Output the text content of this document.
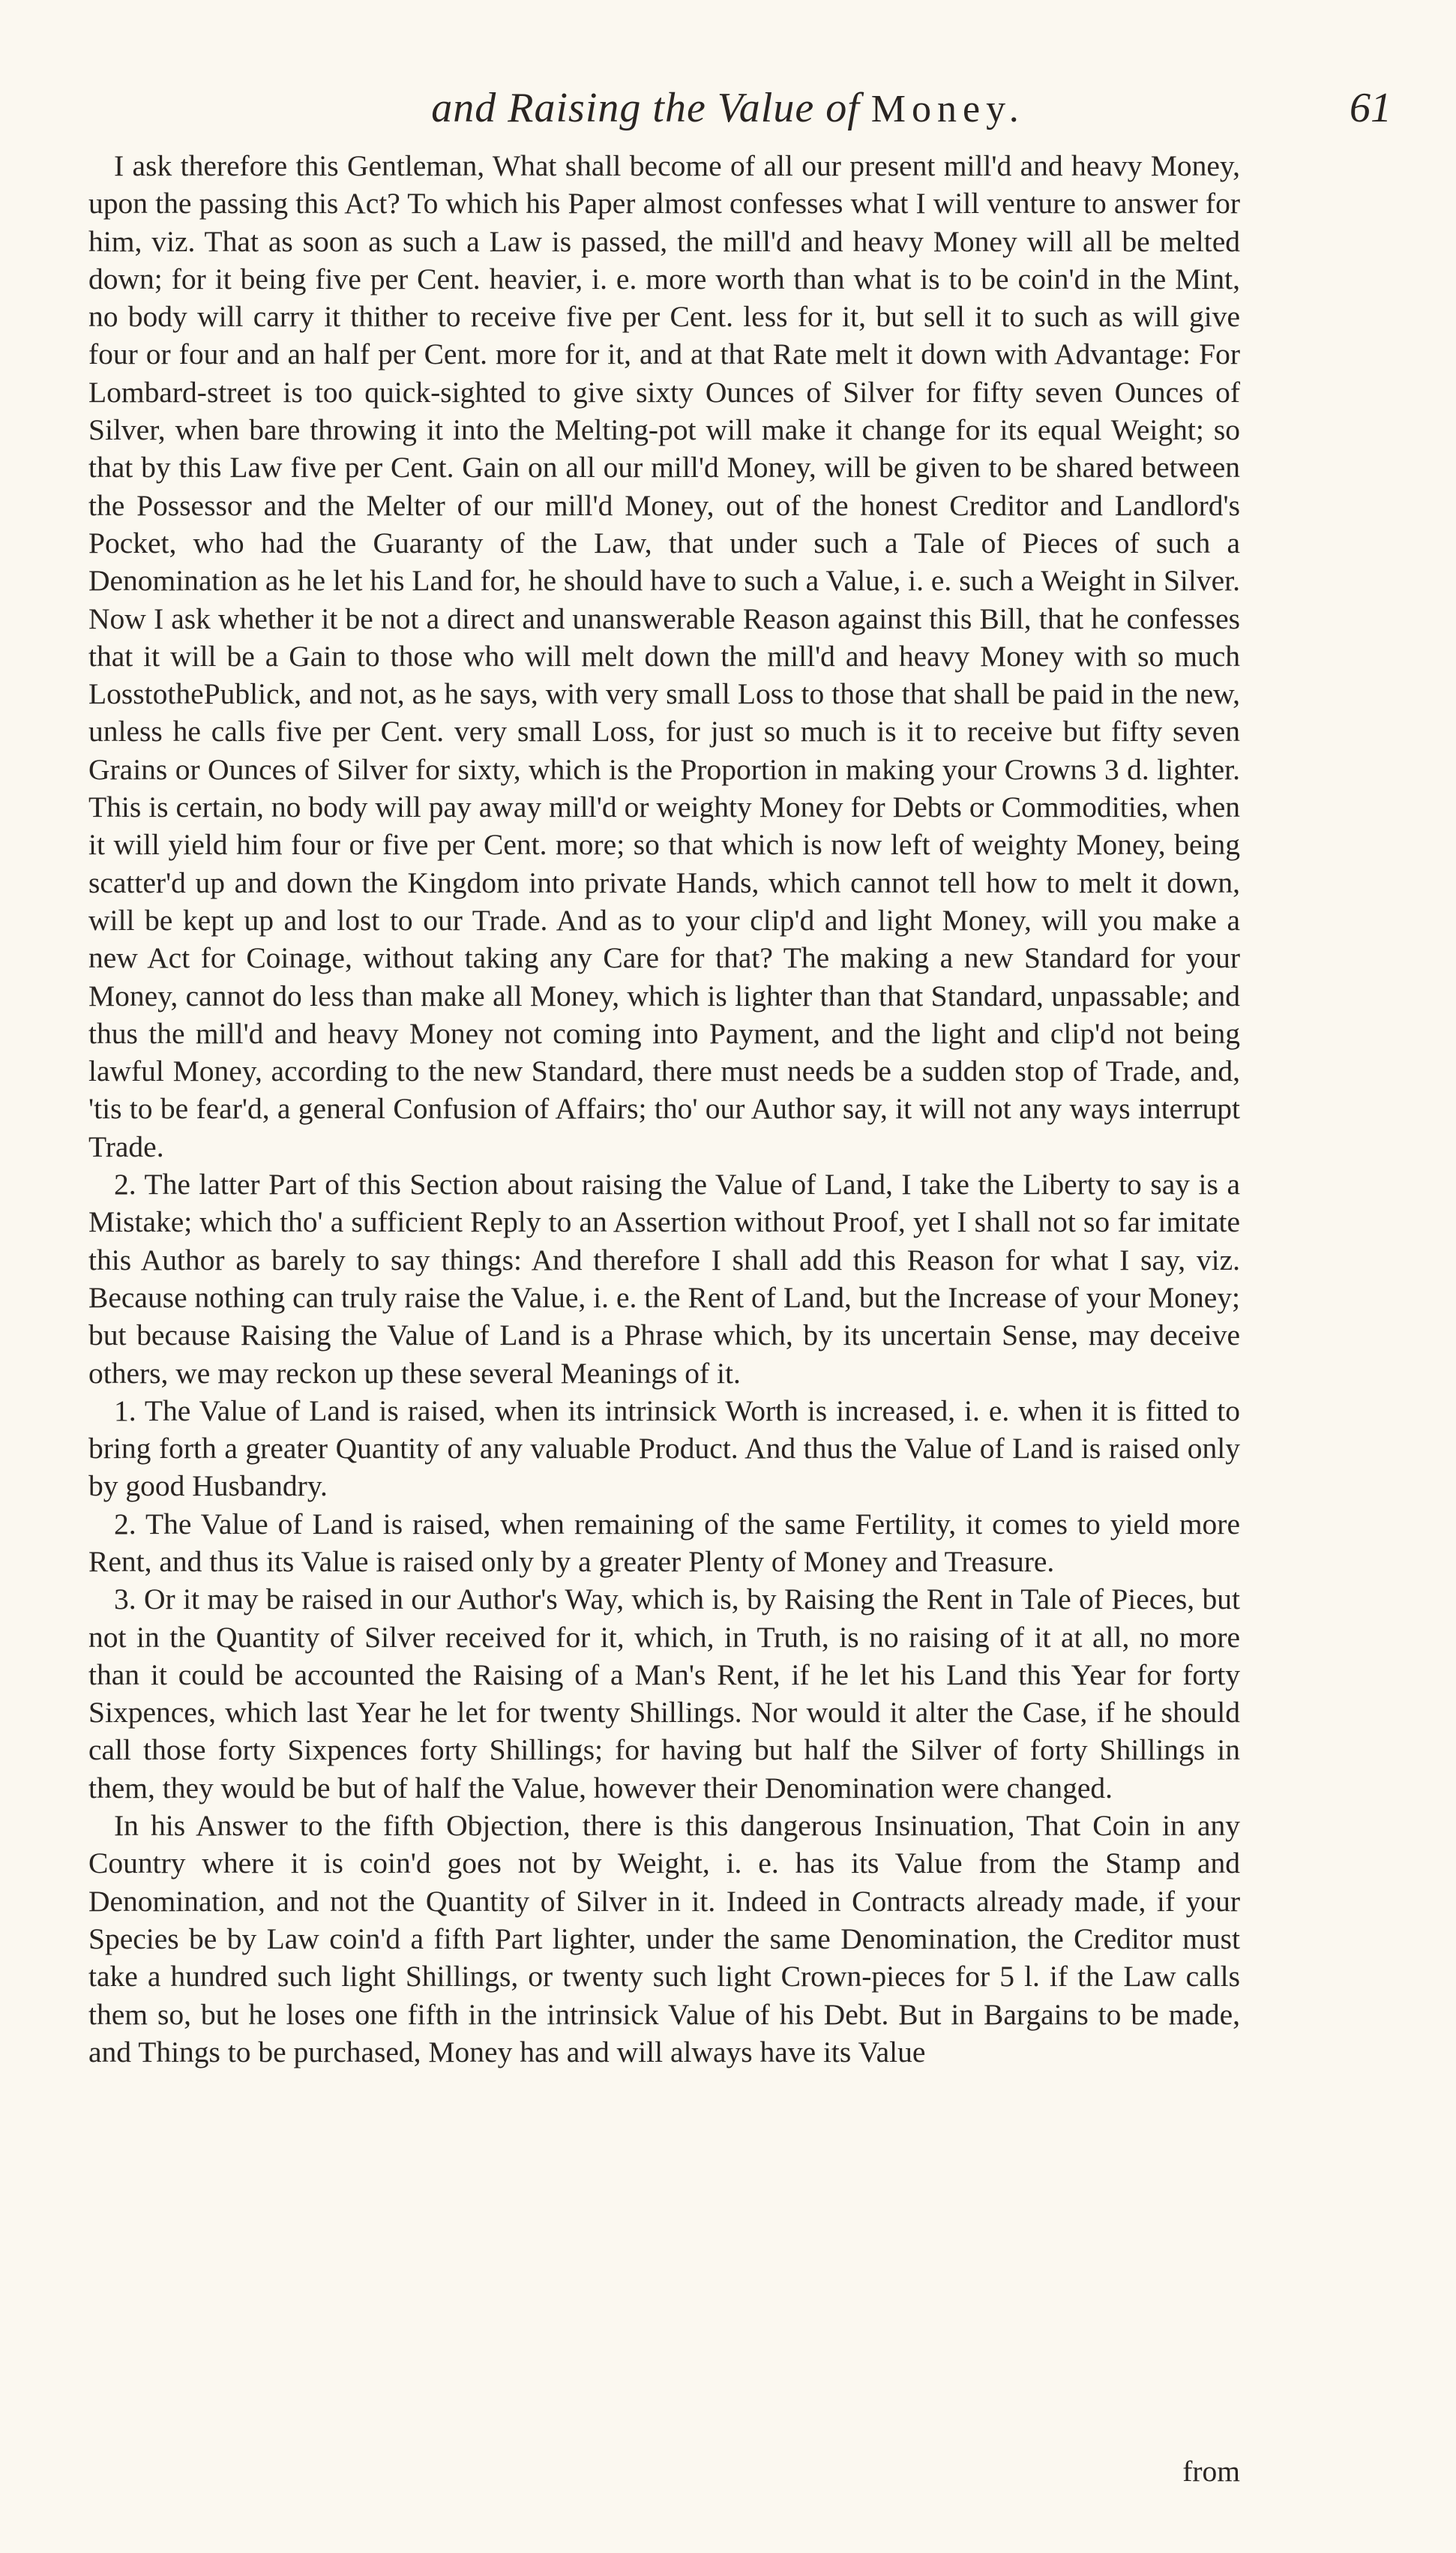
and Raising the Value of Money.	61

I ask therefore this Gentleman, What shall become of all our present mill'd and heavy Money, upon the passing this Act? To which his Paper almost confesses what I will venture to answer for him, viz. That as soon as such a Law is passed, the mill'd and heavy Money will all be melted down; for it being five per Cent. heavier, i. e. more worth than what is to be coin'd in the Mint, no body will carry it thither to receive five per Cent. less for it, but sell it to such as will give four or four and an half per Cent. more for it, and at that Rate melt it down with Advantage: For Lombard-street is too quick-sighted to give sixty Ounces of Silver for fifty seven Ounces of Silver, when bare throwing it into the Melting-pot will make it change for its equal Weight; so that by this Law five per Cent. Gain on all our mill'd Money, will be given to be shared between the Possessor and the Melter of our mill'd Money, out of the honest Creditor and Landlord's Pocket, who had the Guaranty of the Law, that under such a Tale of Pieces of such a Denomination as he let his Land for, he should have to such a Value, i. e. such a Weight in Silver. Now I ask whether it be not a direct and unanswerable Reason against this Bill, that he confesses that it will be a Gain to those who will melt down the mill'd and heavy Money with so much LosstothePublick, and not, as he says, with very small Loss to those that shall be paid in the new, unless he calls five per Cent. very small Loss, for just so much is it to receive but fifty seven Grains or Ounces of Silver for sixty, which is the Proportion in making your Crowns 3 d. lighter. This is certain, no body will pay away mill'd or weighty Money for Debts or Commodities, when it will yield him four or five per Cent. more; so that which is now left of weighty Money, being scatter'd up and down the Kingdom into private Hands, which cannot tell how to melt it down, will be kept up and lost to our Trade. And as to your clip'd and light Money, will you make a new Act for Coinage, without taking any Care for that? The making a new Standard for your Money, cannot do less than make all Money, which is lighter than that Standard, unpassable; and thus the mill'd and heavy Money not coming into Payment, and the light and clip'd not being lawful Money, according to the new Standard, there must needs be a sudden stop of Trade, and, 'tis to be fear'd, a general Confusion of Affairs; tho' our Author say, it will not any ways interrupt Trade.

2. The latter Part of this Section about raising the Value of Land, I take the Liberty to say is a Mistake; which tho' a sufficient Reply to an Assertion without Proof, yet I shall not so far imitate this Author as barely to say things: And therefore I shall add this Reason for what I say, viz. Because nothing can truly raise the Value, i. e. the Rent of Land, but the Increase of your Money; but because Raising the Value of Land is a Phrase which, by its uncertain Sense, may deceive others, we may reckon up these several Meanings of it.

1. The Value of Land is raised, when its intrinsick Worth is increased, i. e. when it is fitted to bring forth a greater Quantity of any valuable Product. And thus the Value of Land is raised only by good Husbandry.

2. The Value of Land is raised, when remaining of the same Fertility, it comes to yield more Rent, and thus its Value is raised only by a greater Plenty of Money and Treasure.

3. Or it may be raised in our Author's Way, which is, by Raising the Rent in Tale of Pieces, but not in the Quantity of Silver received for it, which, in Truth, is no raising of it at all, no more than it could be accounted the Raising of a Man's Rent, if he let his Land this Year for forty Sixpences, which last Year he let for twenty Shillings. Nor would it alter the Case, if he should call those forty Sixpences forty Shillings; for having but half the Silver of forty Shillings in them, they would be but of half the Value, however their Denomination were changed.

In his Answer to the fifth Objection, there is this dangerous Insinuation, That Coin in any Country where it is coin'd goes not by Weight, i. e. has its Value from the Stamp and Denomination, and not the Quantity of Silver in it. Indeed in Contracts already made, if your Species be by Law coin'd a fifth Part lighter, under the same Denomination, the Creditor must take a hundred such light Shillings, or twenty such light Crown-pieces for 5 l. if the Law calls them so, but he loses one fifth in the intrinsick Value of his Debt. But in Bargains to be made, and Things to be purchased, Money has and will always have its Value

from
